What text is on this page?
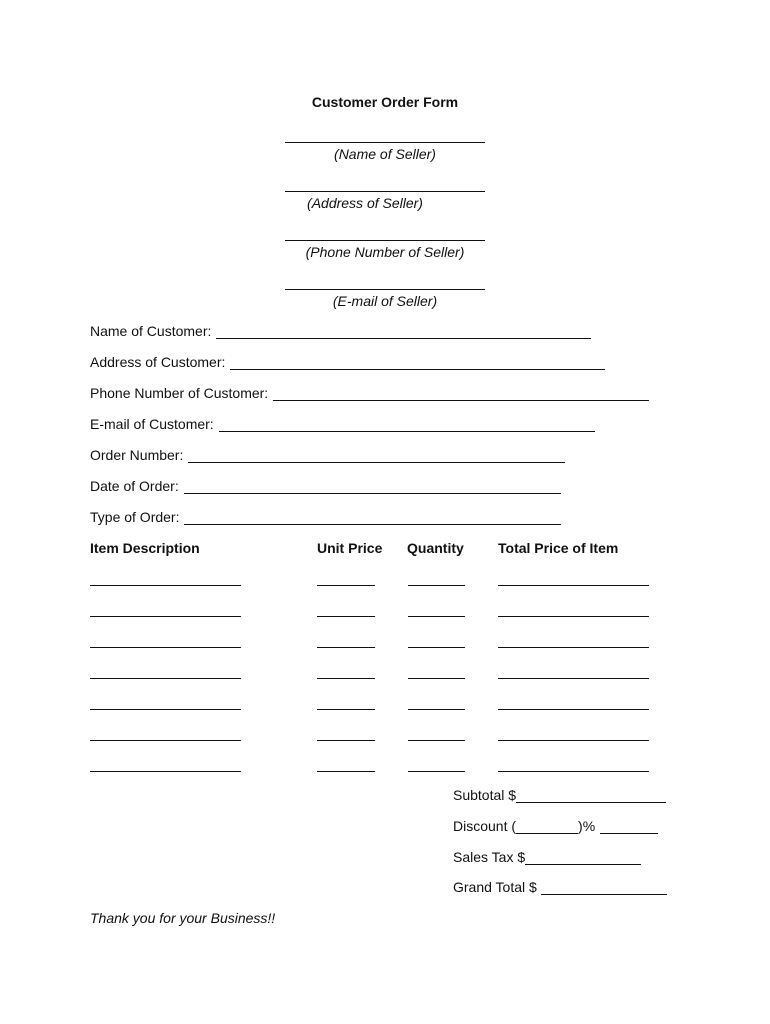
Customer Order Form
(Name of Seller)
(Address of Seller)
(Phone Number of Seller)
(E-mail of Seller)
Name of Customer:
Address of Customer:
Phone Number of Customer:
E-mail of Customer:
Order Number:
Date of Order:
Type of Order:
Item Description	Unit Price Quantity Total Price of Item
Subtotal $
Discount (	)%
Sales Tax $
Grand Total $
Thank you for your Business!!
